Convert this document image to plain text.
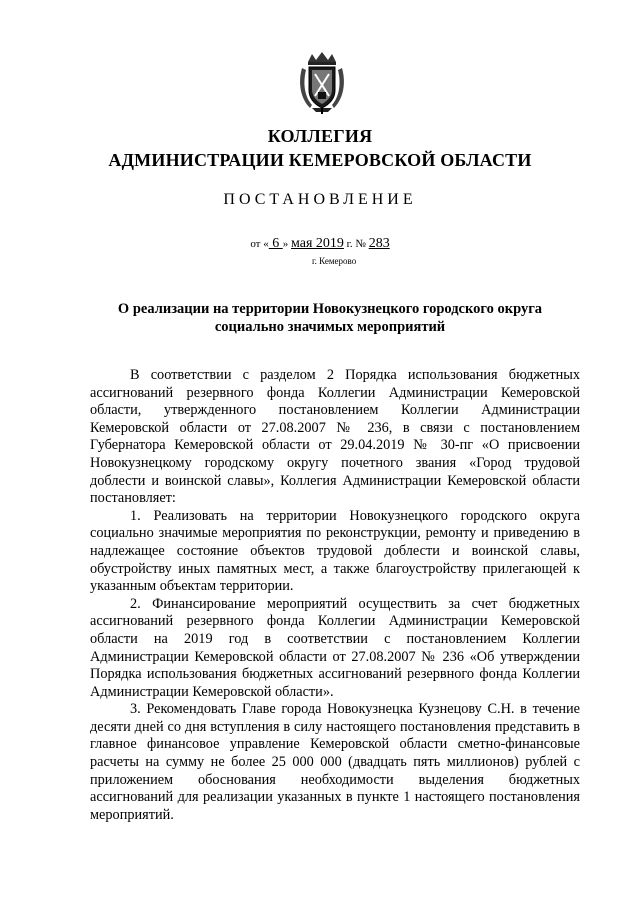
КОЛЛЕГИЯ
АДМИНИСТРАЦИИ КЕМЕРОВСКОЙ ОБЛАСТИ
ПОСТАНОВЛЕНИЕ
от « 6 » мая 2019 г. № 283
г. Кемерово
О реализации на территории Новокузнецкого городского округа
социально значимых мероприятий

В соответствии с разделом 2 Порядка использования бюджетных ассигнований резервного фонда Коллегии Администрации Кемеровской области, утвержденного постановлением Коллегии Администрации Кемеровской области от 27.08.2007 № 236, в связи с постановлением Губернатора Кемеровской области от 29.04.2019 № 30-пг «О присвоении Новокузнецкому городскому округу почетного звания «Город трудовой доблести и воинской славы», Коллегия Администрации Кемеровской области постановляет:

1. Реализовать на территории Новокузнецкого городского округа социально значимые мероприятия по реконструкции, ремонту и приведению в надлежащее состояние объектов трудовой доблести и воинской славы, обустройству иных памятных мест, а также благоустройству прилегающей к указанным объектам территории.

2. Финансирование мероприятий осуществить за счет бюджетных ассигнований резервного фонда Коллегии Администрации Кемеровской области на 2019 год в соответствии с постановлением Коллегии Администрации Кемеровской области от 27.08.2007 № 236 «Об утверждении Порядка использования бюджетных ассигнований резервного фонда Коллегии Администрации Кемеровской области».

3. Рекомендовать Главе города Новокузнецка Кузнецову С.Н. в течение десяти дней со дня вступления в силу настоящего постановления представить в главное финансовое управление Кемеровской области сметно-финансовые расчеты на сумму не более 25 000 000 (двадцать пять миллионов) рублей с приложением обоснования необходимости выделения бюджетных ассигнований для реализации указанных в пункте 1 настоящего постановления мероприятий.
